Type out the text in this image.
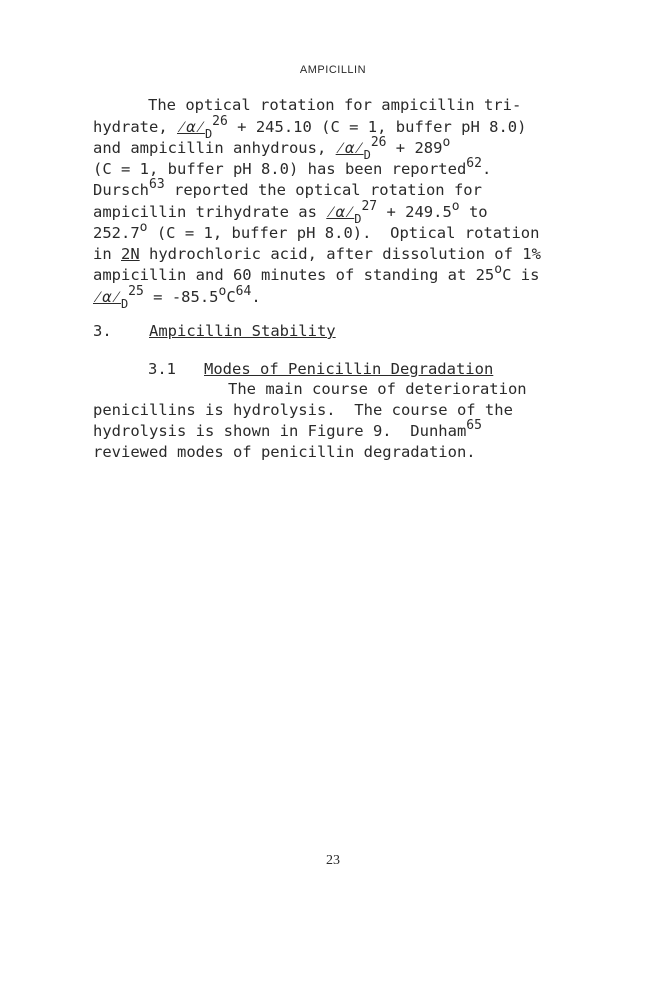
AMPICILLIN
The optical rotation for ampicillin tri-
hydrate, $⁄\alpha⁄_D^{26} + 245.10$ (C = 1, buffer pH 8.0)
and ampicillin anhydrous, $⁄\alpha⁄_D^{26} + 289^o$
(C = 1, buffer pH 8.0) has been reported$^{62}$.
Dursch$^{63}$ reported the optical rotation for
ampicillin trihydrate as $⁄\alpha⁄_D^{27} + 249.5^o$ to
252.7$^o$ (C = 1, buffer pH 8.0).  Optical rotation
in 2N hydrochloric acid, after dissolution of 1%
ampicillin and 60 minutes of standing at 25$^o$C is
$⁄\alpha⁄_D^{25} = -85.5^oC^{64}$.
3. Ampicillin Stability
3.1 Modes of Penicillin Degradation
The main course of deterioration
penicillins is hydrolysis.  The course of the
hydrolysis is shown in Figure 9.  Dunham$^{65}$
reviewed modes of penicillin degradation.
23
